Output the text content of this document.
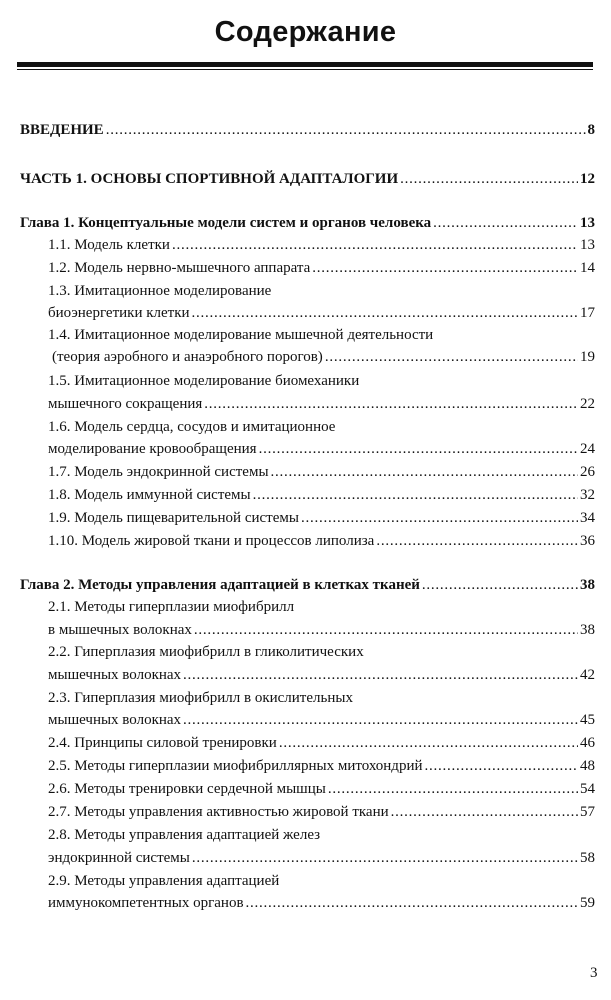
Содержание
ВВЕДЕНИЕ . . .	8
ЧАСТЬ 1. ОСНОВЫ СПОРТИВНОЙ АДАПТАЛОГИИ . . .	12
Глава 1. Концептуальные модели систем и органов человека . . .	13
1.1. Модель клетки . . .	13
1.2. Модель нервно-мышечного аппарата . . .	14
1.3. Имитационное моделирование
биоэнергетики клетки . . .	17
1.4. Имитационное моделирование мышечной деятельности
(теория аэробного и анаэробного порогов) . . .	19
1.5. Имитационное моделирование биомеханики
мышечного сокращения . . .	22
1.6. Модель сердца, сосудов и имитационное
моделирование кровообращения . . .	24
1.7. Модель эндокринной системы . . .	26
1.8. Модель иммунной системы . . .	32
1.9. Модель пищеварительной системы . . .	34
1.10. Модель жировой ткани и процессов липолиза . . .	36
Глава 2. Методы управления адаптацией в клетках тканей . . .	38
2.1. Методы гиперплазии миофибрилл
в мышечных волокнах . . .	38
2.2. Гиперплазия миофибрилл в гликолитических
мышечных волокнах . . .	42
2.3. Гиперплазия миофибрилл в окислительных
мышечных волокнах . . .	45
2.4. Принципы силовой тренировки . . .	46
2.5. Методы гиперплазии миофибриллярных митохондрий . . .	48
2.6. Методы тренировки сердечной мышцы . . .	54
2.7. Методы управления активностью жировой ткани . . .	57
2.8. Методы управления адаптацией желез
эндокринной системы . . .	58
2.9. Методы управления адаптацией
иммунокомпетентных органов . . .	59
3
